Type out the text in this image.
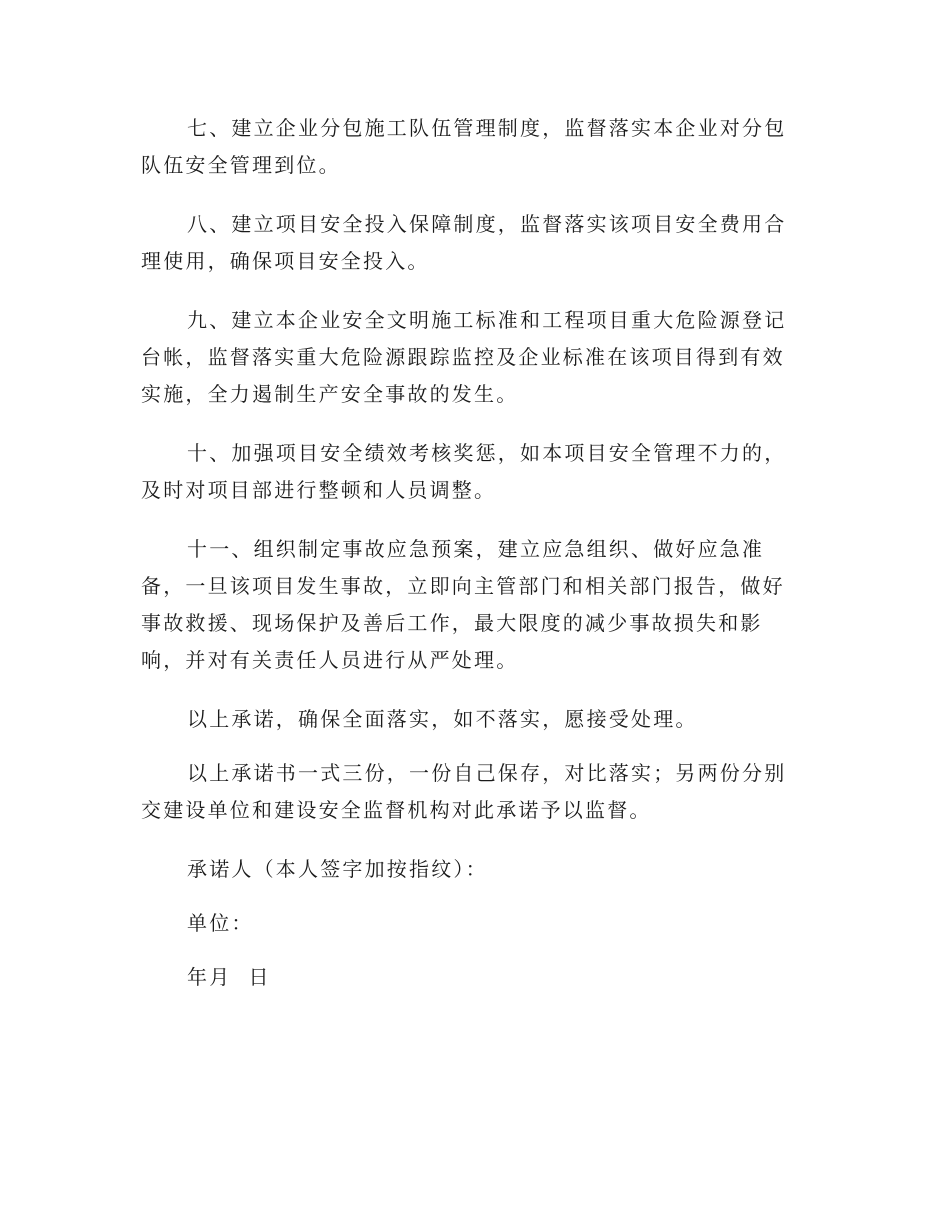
七、建立企业分包施工队伍管理制度，监督落实本企业对分包队伍安全管理到位。

八、建立项目安全投入保障制度，监督落实该项目安全费用合理使用，确保项目安全投入。

九、建立本企业安全文明施工标准和工程项目重大危险源登记台帐，监督落实重大危险源跟踪监控及企业标准在该项目得到有效实施，全力遏制生产安全事故的发生。

十、加强项目安全绩效考核奖惩，如本项目安全管理不力的，及时对项目部进行整顿和人员调整。

十一、组织制定事故应急预案，建立应急组织、做好应急准备，一旦该项目发生事故，立即向主管部门和相关部门报告，做好事故救援、现场保护及善后工作，最大限度的减少事故损失和影响，并对有关责任人员进行从严处理。

以上承诺，确保全面落实，如不落实，愿接受处理。

以上承诺书一式三份，一份自己保存，对比落实；另两份分别交建设单位和建设安全监督机构对此承诺予以监督。

承诺人（本人签字加按指纹）：

单位：

年月  日
